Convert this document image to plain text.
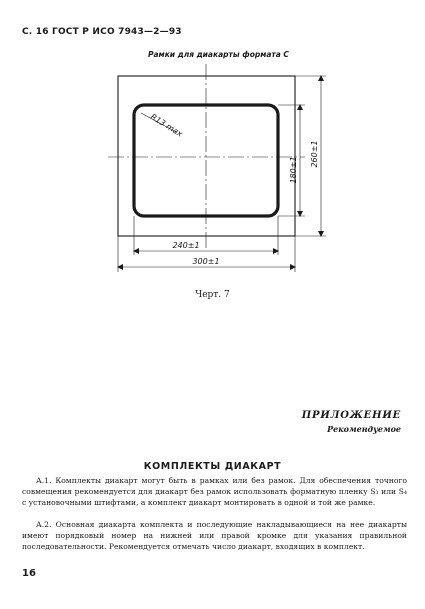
С. 16 ГОСТ Р ИСО 7943—2—93
Рамки для диакарты формата С
R13 max
240±1
300±1
180±1
260±1
Черт. 7
ПРИЛОЖЕНИЕ
Рекомендуемое
КОМПЛЕКТЫ ДИАКАРТ
А.1. Комплекты диакарт могут быть в рамках или без рамок. Для обеспечения точного совмещения рекомендуется для диакарт без рамок использовать форматную пленку S₃ или S₄ с установочными штифтами, а комплект диакарт монтировать в одной и той же рамке.
А.2. Основная диакарта комплекта и последующие накладывающиеся на нее диакарты имеют порядковый номер на нижней или правой кромке для указания правильной последовательности. Рекомендуется отмечать число диакарт, входящих в комплект.
16
